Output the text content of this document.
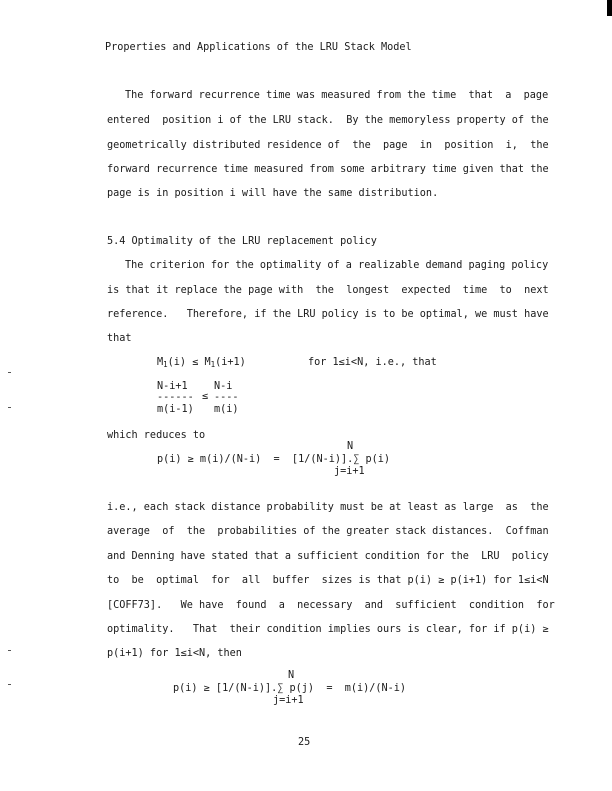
Properties and Applications of the LRU Stack Model
The forward recurrence time was measured from the time  that  a  page
entered  position i of the LRU stack.  By the memoryless property of the
geometrically distributed residence of  the  page  in  position  i,  the
forward recurrence time measured from some arbitrary time given that the
page is in position i will have the same distribution.
5.4 Optimality of the LRU replacement policy
The criterion for the optimality of a realizable demand paging policy
is that it replace the page with  the  longest  expected  time  to  next
reference.   Therefore, if the LRU policy is to be optimal, we must have
that
$M_1(i) \le M_1(i+1)$	for 1≤i<N, i.e., that
N-i+1	N-i
------ ≤ ----
m(i-1) m(i)
which reduces to
N
p(i) ≥ m(i)/(N-i)  =  [1/(N-i)].∑ p(i)
j=i+1
i.e., each stack distance probability must be at least as large  as  the
average  of  the  probabilities of the greater stack distances.  Coffman
and Denning have stated that a sufficient condition for the  LRU  policy
to  be  optimal  for  all  buffer  sizes is that p(i) ≥ p(i+1) for 1≤i<N
[COFF73].   We have  found  a  necessary  and  sufficient  condition  for
optimality.   That  their condition implies ours is clear, for if p(i) ≥
p(i+1) for 1≤i<N, then
N
p(i) ≥ [1/(N-i)].∑ p(j)  =  m(i)/(N-i)
j=i+1
25
